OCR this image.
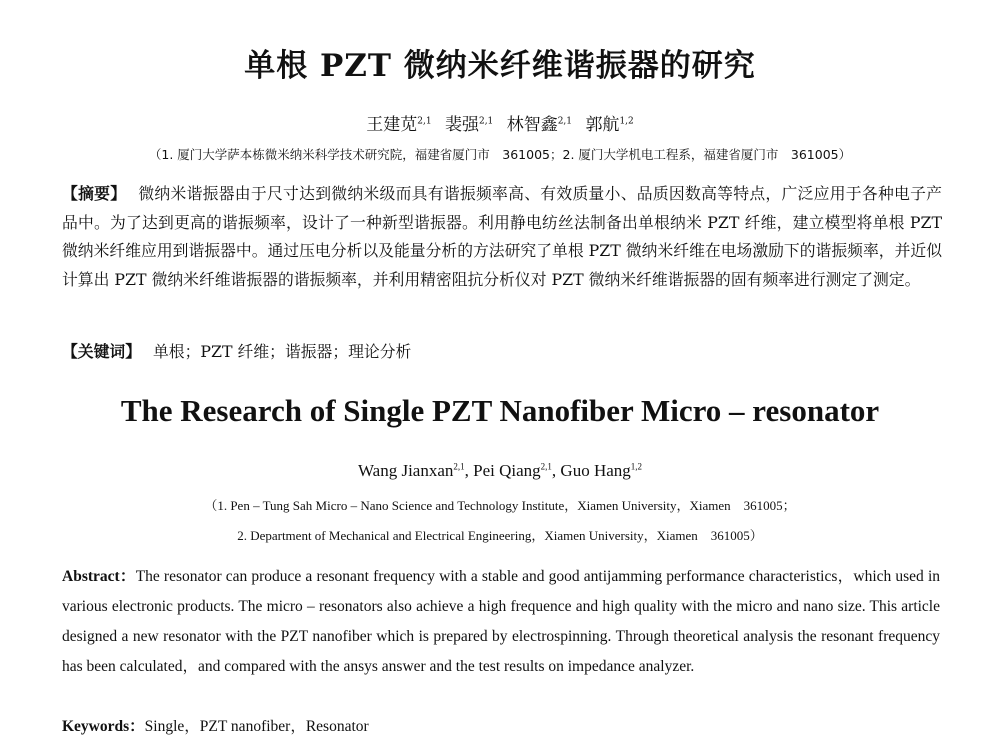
单根 PZT 微纳米纤维谐振器的研究
王建苋$^{2,1}$ 裴强$^{2,1}$ 林智鑫$^{2,1}$ 郭航$^{1,2}$
（1. 厦门大学萨本栋微米纳米科学技术研究院，福建省厦门市　361005；2. 厦门大学机电工程系，福建省厦门市　361005）
【摘要】 微纳米谐振器由于尺寸达到微纳米级而具有谐振频率高、有效质量小、品质因数高等特点，广泛应用于各种电子产品中。为了达到更高的谐振频率，设计了一种新型谐振器。利用静电纺丝法制备出单根纳米 PZT 纤维，建立模型将单根 PZT 微纳米纤维应用到谐振器中。通过压电分析以及能量分析的方法研究了单根 PZT 微纳米纤维在电场激励下的谐振频率，并近似计算出 PZT 微纳米纤维谐振器的谐振频率，并利用精密阻抗分析仪对 PZT 微纳米纤维谐振器的固有频率进行测定了测定。
【关键词】 单根；PZT 纤维；谐振器；理论分析
The Research of Single PZT Nanofiber Micro – resonator
Wang Jianxan$^{2,1}$, Pei Qiang$^{2,1}$, Guo Hang$^{1,2}$
（1. Pen – Tung Sah Micro – Nano Science and Technology Institute，Xiamen University，Xiamen　361005；
2. Department of Mechanical and Electrical Engineering，Xiamen University，Xiamen　361005）
Abstract：The resonator can produce a resonant frequency with a stable and good antijamming performance characteristics，which used in various electronic products. The micro – resonators also achieve a high frequence and high quality with the micro and nano size. This article designed a new resonator with the PZT nanofiber which is prepared by electrospinning. Through theoretical analysis the resonant frequency has been calculated，and compared with the ansys answer and the test results on impedance analyzer.
Keywords：Single，PZT nanofiber，Resonator
